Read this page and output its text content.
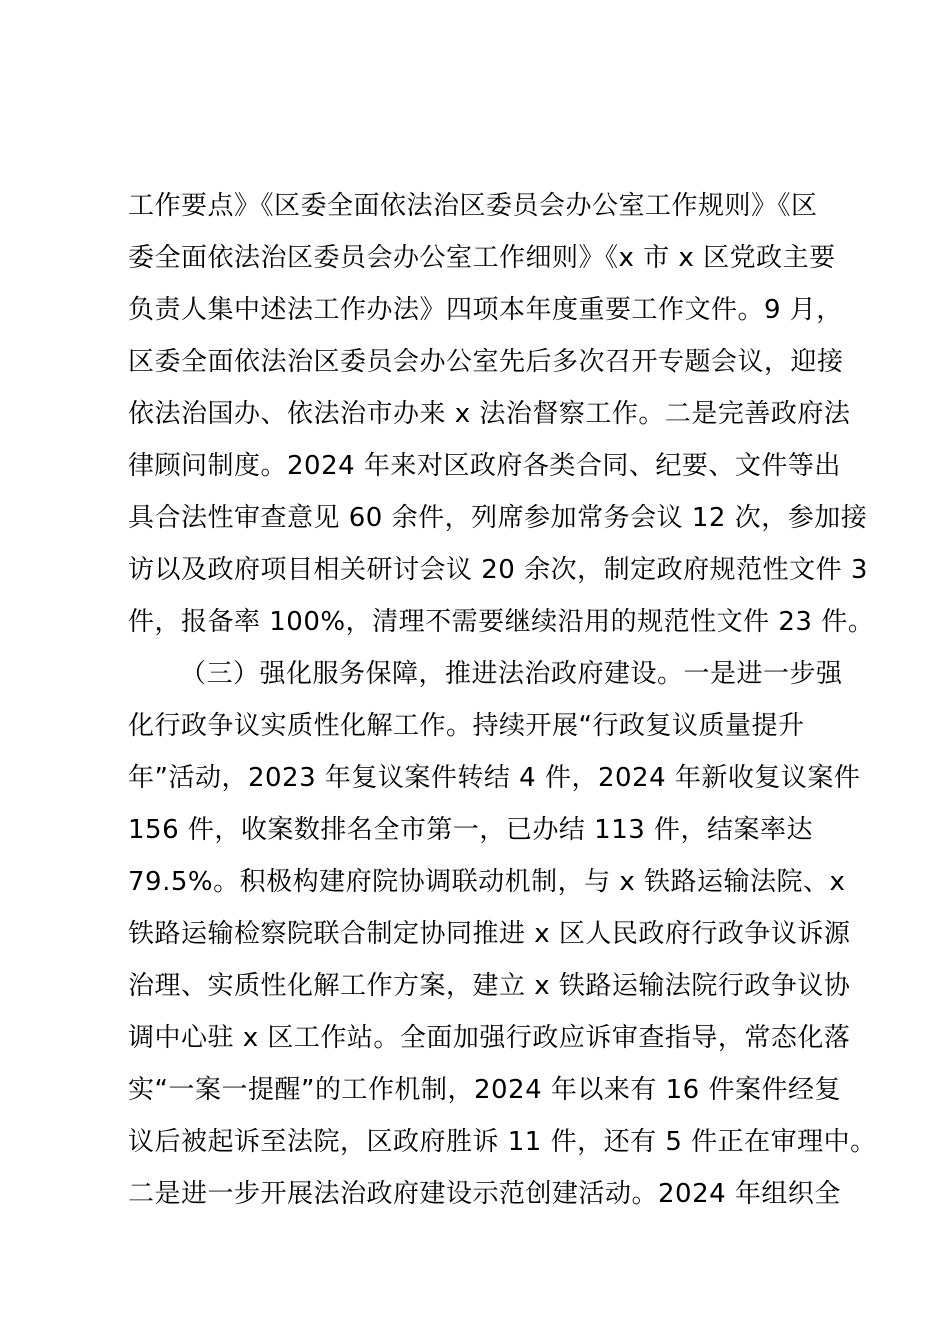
工作要点》《区委全面依法治区委员会办公室工作规则》《区
委全面依法治区委员会办公室工作细则》《x 市 x 区党政主要
负责人集中述法工作办法》四项本年度重要工作文件。9 月，
区委全面依法治区委员会办公室先后多次召开专题会议，迎接
依法治国办、依法治市办来 x 法治督察工作。二是完善政府法
律顾问制度。2024 年来对区政府各类合同、纪要、文件等出
具合法性审查意见 60 余件，列席参加常务会议 12 次，参加接
访以及政府项目相关研讨会议 20 余次，制定政府规范性文件 3
件，报备率 100%，清理不需要继续沿用的规范性文件 23 件。
（三）强化服务保障，推进法治政府建设。一是进一步强
化行政争议实质性化解工作。持续开展“行政复议质量提升
年”活动，2023 年复议案件转结 4 件，2024 年新收复议案件
156 件，收案数排名全市第一，已办结 113 件，结案率达
79.5%。积极构建府院协调联动机制，与 x 铁路运输法院、x
铁路运输检察院联合制定协同推进 x 区人民政府行政争议诉源
治理、实质性化解工作方案，建立 x 铁路运输法院行政争议协
调中心驻 x 区工作站。全面加强行政应诉审查指导，常态化落
实“一案一提醒”的工作机制，2024 年以来有 16 件案件经复
议后被起诉至法院，区政府胜诉 11 件，还有 5 件正在审理中。
二是进一步开展法治政府建设示范创建活动。2024 年组织全
